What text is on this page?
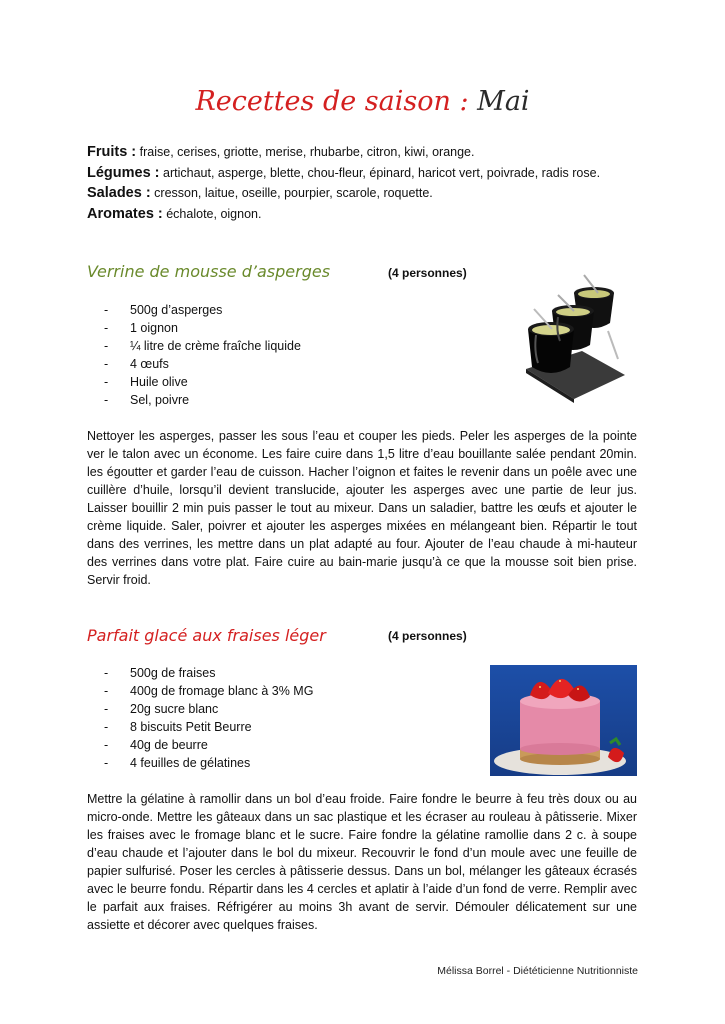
Recettes de saison : Mai
Fruits : fraise, cerises, griotte, merise, rhubarbe, citron, kiwi, orange.
Légumes : artichaut, asperge, blette, chou-fleur, épinard, haricot vert, poivrade, radis rose.
Salades : cresson, laitue, oseille, pourpier, scarole, roquette.
Aromates : échalote, oignon.
Verrine de mousse d’asperges	(4 personnes)
- 500g d’asperges
- 1 oignon
- ¼ litre de crème fraîche liquide
- 4 œufs
- Huile olive
- Sel, poivre

Nettoyer les asperges, passer les sous l’eau et couper les pieds. Peler les asperges de la pointe ver le talon avec un économe. Les faire cuire dans 1,5 litre d’eau bouillante salée pendant 20min. les égoutter et garder l’eau de cuisson. Hacher l’oignon et faites le revenir dans un poêle avec une cuillère d’huile, lorsqu’il devient translucide, ajouter les asperges avec une partie de leur jus. Laisser bouillir 2 min puis passer le tout au mixeur. Dans un saladier, battre les œufs et ajouter le crème liquide. Saler, poivrer et ajouter les asperges mixées en mélangeant bien. Répartir le tout dans des verrines, les mettre dans un plat adapté au four. Ajouter de l’eau chaude à mi-hauteur des verrines dans votre plat. Faire cuire au bain-marie jusqu’à ce que la mousse soit bien prise. Servir froid.

Parfait glacé aux fraises léger	(4 personnes)
- 500g de fraises
- 400g de fromage blanc à 3% MG
- 20g sucre blanc
- 8 biscuits Petit Beurre
- 40g de beurre
- 4 feuilles de gélatines

Mettre la gélatine à ramollir dans un bol d’eau froide. Faire fondre le beurre à feu très doux ou au micro-onde. Mettre les gâteaux dans un sac plastique et les écraser au rouleau à pâtisserie. Mixer les fraises avec le fromage blanc et le sucre. Faire fondre la gélatine ramollie dans 2 c. à soupe d’eau chaude et l’ajouter dans le bol du mixeur. Recouvrir le fond d’un moule avec une feuille de papier sulfurisé. Poser les cercles à pâtisserie dessus. Dans un bol, mélanger les gâteaux écrasés avec le beurre fondu. Répartir dans les 4 cercles et aplatir à l’aide d’un fond de verre. Remplir avec le parfait aux fraises. Réfrigérer au moins 3h avant de servir. Démouler délicatement sur une assiette et décorer avec quelques fraises.

Mélissa Borrel - Diététicienne Nutritionniste
